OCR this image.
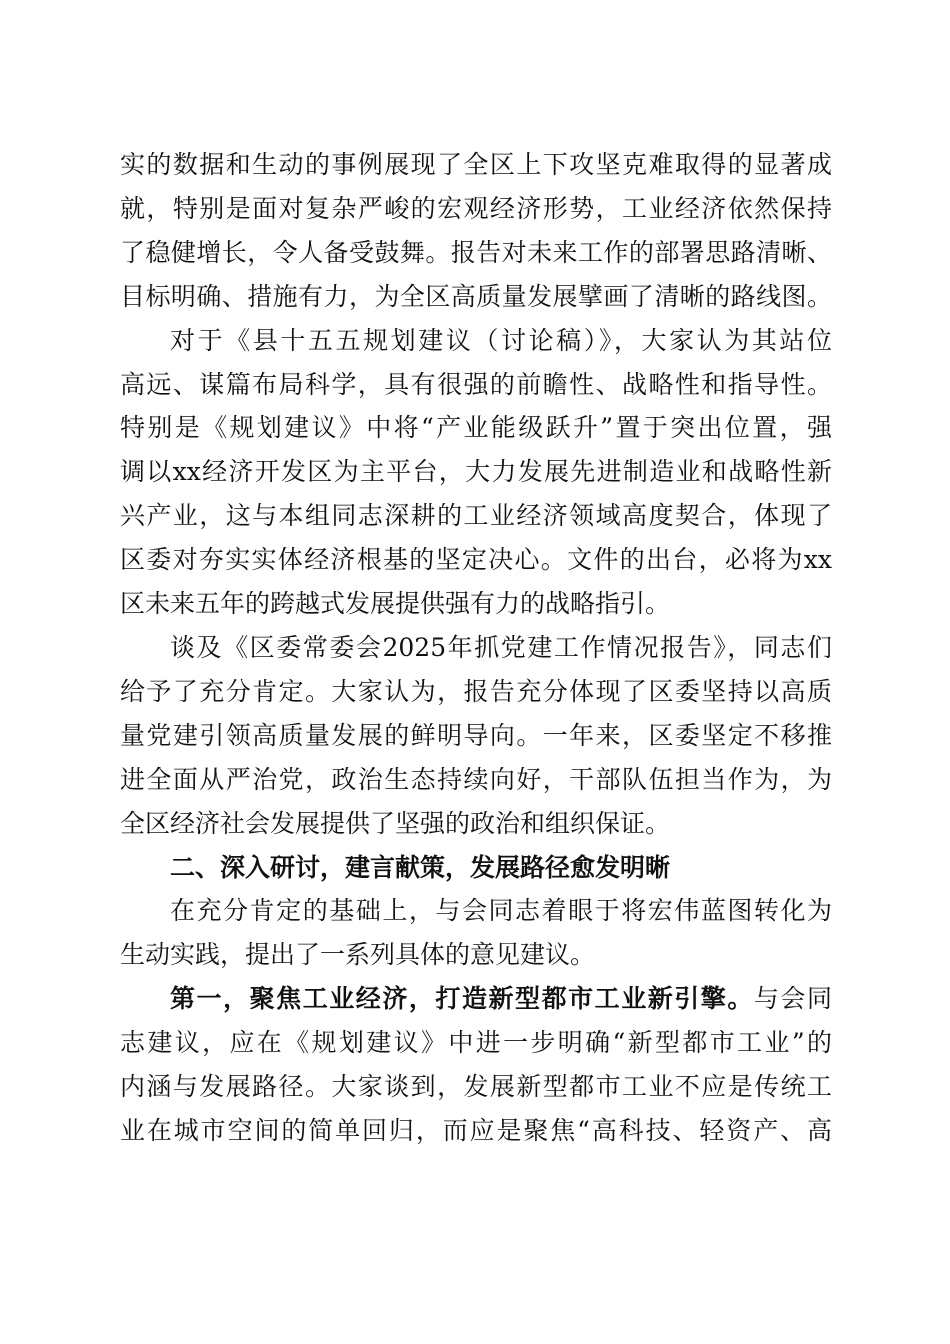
实的数据和生动的事例展现了全区上下攻坚克难取得的显著成
就，特别是面对复杂严峻的宏观经济形势，工业经济依然保持
了稳健增长，令人备受鼓舞。报告对未来工作的部署思路清晰、
目标明确、措施有力，为全区高质量发展擘画了清晰的路线图。
对于《县十五五规划建议（讨论稿）》，大家认为其站位
高远、谋篇布局科学，具有很强的前瞻性、战略性和指导性。
特别是《规划建议》中将“产业能级跃升”置于突出位置，强
调以xx经济开发区为主平台，大力发展先进制造业和战略性新
兴产业，这与本组同志深耕的工业经济领域高度契合，体现了
区委对夯实实体经济根基的坚定决心。文件的出台，必将为xx
区未来五年的跨越式发展提供强有力的战略指引。
谈及《区委常委会2025年抓党建工作情况报告》，同志们
给予了充分肯定。大家认为，报告充分体现了区委坚持以高质
量党建引领高质量发展的鲜明导向。一年来，区委坚定不移推
进全面从严治党，政治生态持续向好，干部队伍担当作为，为
全区经济社会发展提供了坚强的政治和组织保证。
二、深入研讨，建言献策，发展路径愈发明晰
在充分肯定的基础上，与会同志着眼于将宏伟蓝图转化为
生动实践，提出了一系列具体的意见建议。
第一，聚焦工业经济，打造新型都市工业新引擎。与会同
志建议，应在《规划建议》中进一步明确“新型都市工业”的
内涵与发展路径。大家谈到，发展新型都市工业不应是传统工
业在城市空间的简单回归，而应是聚焦“高科技、轻资产、高
